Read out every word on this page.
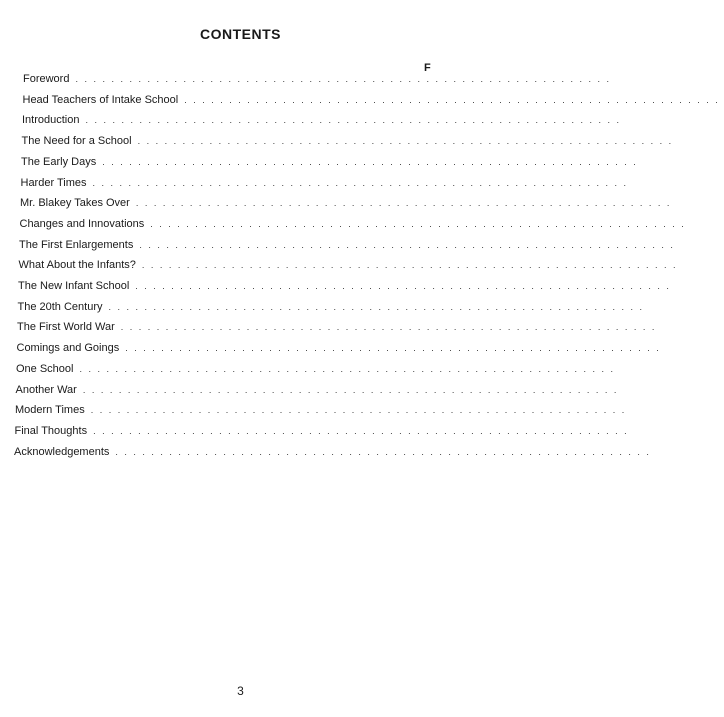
CONTENTS
F
Foreword ............................................................
Head Teachers of Intake School ............................................................
Introduction ............................................................
The Need for a School ............................................................
The Early Days ............................................................
Harder Times ............................................................
Mr. Blakey Takes Over ............................................................
Changes and Innovations ............................................................
The First Enlargements ............................................................
What About the Infants? ............................................................
The New Infant School ............................................................
The 20th Century ............................................................
The First World War ............................................................
Comings and Goings ............................................................
One School ............................................................
Another War ............................................................
Modern Times ............................................................
Final Thoughts ............................................................
Acknowledgements ............................................................
3
